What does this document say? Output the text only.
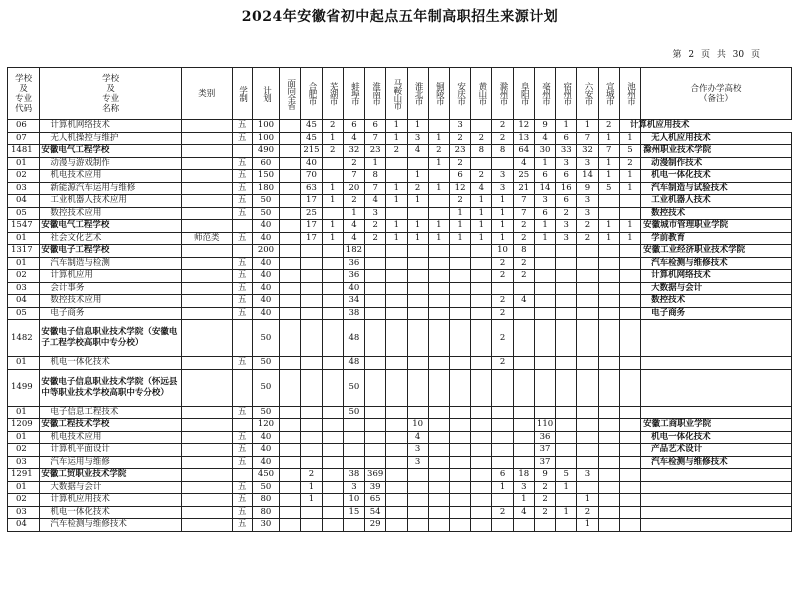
2024年安徽省初中起点五年制高职招生来源计划
第 2 页 共 30 页
学校
及
专业
代码	学校
及
专业
名称	类别	学制	计划	面向全省	合肥市	芜湖市	蚌埠市	淮南市	马鞍山市	淮北市	铜陵市	安庆市	黄山市	滁州市	阜阳市	亳州市	宿州市	六安市	宣城市	池州市	合作办学高校
（备注）

06	计算机网络技术		五	100		45	2	6	6	1	1		3		2	12	9	1	1	2	计算机应用技术	
07	无人机操控与维护		五	100		45	1	4	7	1	3	1	2	2	2	13	4	6	7	1	1	无人机应用技术
1481	安徽电气工程学校			490		215	2	32	23	2	4	2	23	8	8	64	30	33	32	7	5	滁州职业技术学院
01	动漫与游戏制作		五	60		40		2	1			1	2			4	1	3	3	1	2	动漫制作技术
02	机电技术应用		五	150		70		7	8		1		6	2	3	25	6	6	14	1	1	机电一体化技术
03	新能源汽车运用与维修		五	180		63	1	20	7	1	2	1	12	4	3	21	14	16	9	5	1	汽车制造与试验技术
04	工业机器人技术应用		五	50		17	1	2	4	1	1		2	1	1	7	3	6	3			工业机器人技术
05	数控技术应用		五	50		25		1	3				1	1	1	7	6	2	3			数控技术
1547	安徽电气工程学校			40		17	1	4	2	1	1	1	1	1	1	2	1	3	2	1	1	安徽城市管理职业学院
01	社会文化艺术	师范类	五	40		17	1	4	2	1	1	1	1	1	1	2	1	3	2	1	1	学前教育
1317	安徽电子工程学校			200				182							10	8						安徽工业经济职业技术学院
01	汽车制造与检测		五	40				36							2	2						汽车检测与维修技术
02	计算机应用		五	40				36							2	2						计算机网络技术
03	会计事务		五	40				40														大数据与会计
04	数控技术应用		五	40				34							2	4						数控技术
05	电子商务		五	40				38							2							电子商务
1482	安徽电子信息职业技术学院（安徽电子工程学校高职中专分校）			50				48							2							
01	机电一体化技术		五	50				48							2							
1499	安徽电子信息职业技术学院（怀远县中等职业技术学校高职中专分校）			50				50														
01	电子信息工程技术		五	50				50														
1209	安徽工程技术学校			120							10						110					安徽工商职业学院
01	机电技术应用		五	40							4						36					机电一体化技术
02	计算机平面设计		五	40							3						37					产品艺术设计
03	汽车运用与维修		五	40							3						37					汽车检测与维修技术
1291	安徽工贸职业技术学院			450		2		38	369						6	18	9	5	3			
01	大数据与会计		五	50		1		3	39						1	3	2	1				
02	计算机应用技术		五	80		1		10	65							1	2		1			
03	机电一体化技术		五	80				15	54						2	4	2	1	2			
04	汽车检测与维修技术		五	30					29										1			
